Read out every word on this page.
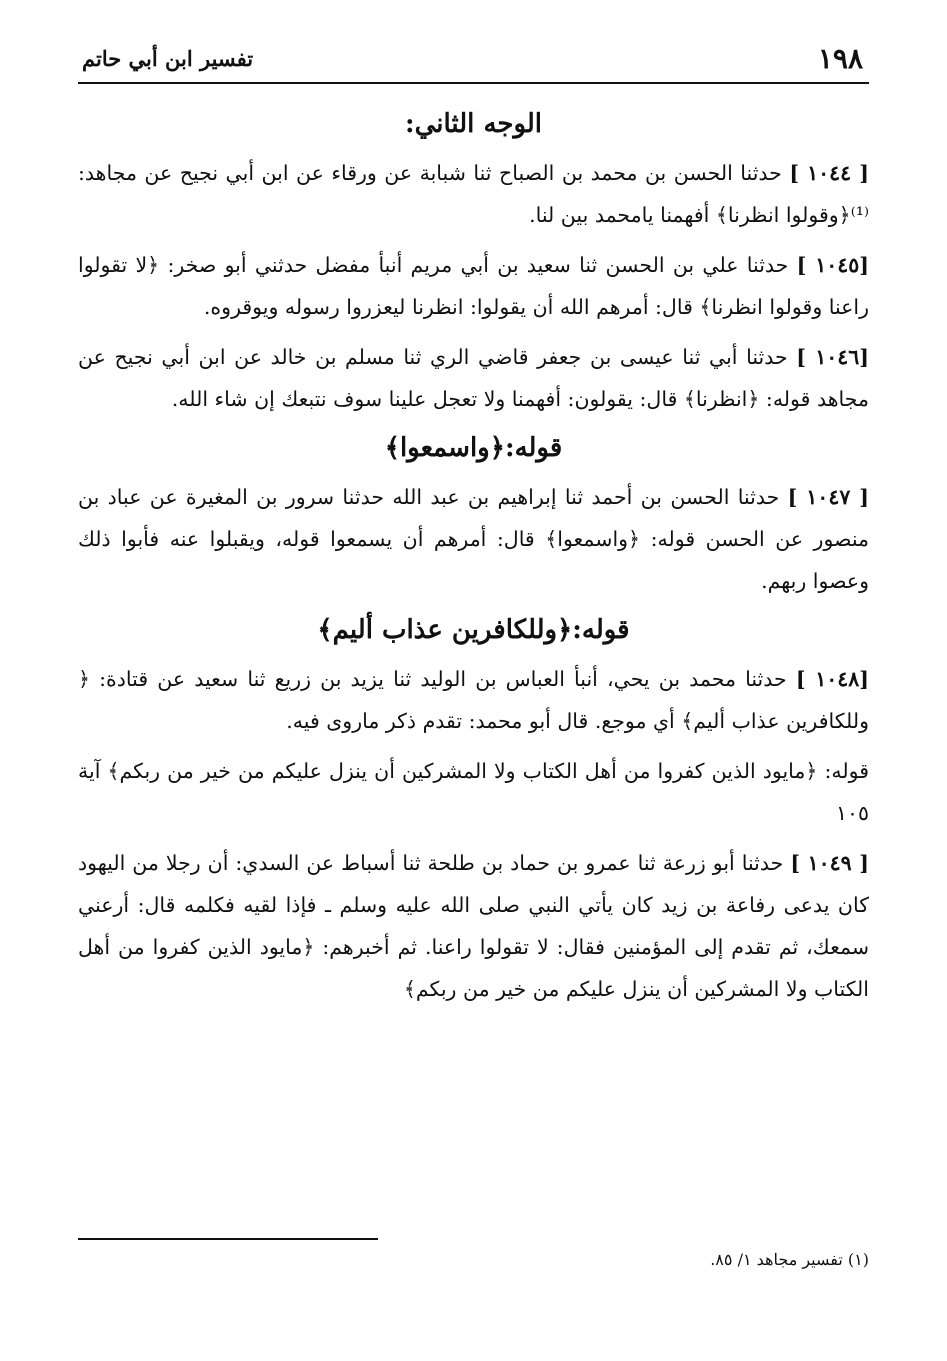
١٩٨
تفسير ابن أبي حاتم
الوجه الثاني:

[ ١٠٤٤ ] حدثنا الحسن بن محمد بن الصباح ثنا شبابة عن ورقاء عن ابن أبي نجيح عن مجاهد: ⁽¹⁾﴿وقولوا انظرنا﴾ أفهمنا يامحمد بين لنا.

[١٠٤٥ ] حدثنا علي بن الحسن ثنا سعيد بن أبي مريم أنبأ مفضل حدثني أبو صخر: ﴿لا تقولوا راعنا وقولوا انظرنا﴾ قال: أمرهم الله أن يقولوا: انظرنا ليعزروا رسوله ويوقروه.

[١٠٤٦ ] حدثنا أبي ثنا عيسى بن جعفر قاضي الري ثنا مسلم بن خالد عن ابن أبي نجيح عن مجاهد قوله: ﴿انظرنا﴾ قال: يقولون: أفهمنا ولا تعجل علينا سوف نتبعك إن شاء الله.

قوله:﴿واسمعوا﴾

[ ١٠٤٧ ] حدثنا الحسن بن أحمد ثنا إبراهيم بن عبد الله حدثنا سرور بن المغيرة عن عباد بن منصور عن الحسن قوله: ﴿واسمعوا﴾ قال: أمرهم أن يسمعوا قوله، ويقبلوا عنه فأبوا ذلك وعصوا ربهم.

قوله:﴿وللكافرين عذاب أليم﴾

[١٠٤٨ ] حدثنا محمد بن يحي، أنبأ العباس بن الوليد ثنا يزيد بن زريع ثنا سعيد عن قتادة: ﴿ وللكافرين عذاب أليم﴾ أي موجع. قال أبو محمد: تقدم ذكر ماروى فيه.

قوله: ﴿مايود الذين كفروا من أهل الكتاب ولا المشركين أن ينزل عليكم من خير من ربكم﴾ آية ١٠٥

[ ١٠٤٩ ] حدثنا أبو زرعة ثنا عمرو بن حماد بن طلحة ثنا أسباط عن السدي: أن رجلا من اليهود كان يدعى رفاعة بن زيد كان يأتي النبي صلى الله عليه وسلم ـ فإذا لقيه فكلمه قال: أرعني سمعك، ثم تقدم إلى المؤمنين فقال: لا تقولوا راعنا. ثم أخبرهم: ﴿مايود الذين كفروا من أهل الكتاب ولا المشركين أن ينزل عليكم من خير من ربكم﴾

(١) تفسير مجاهد ١/ ٨٥.
